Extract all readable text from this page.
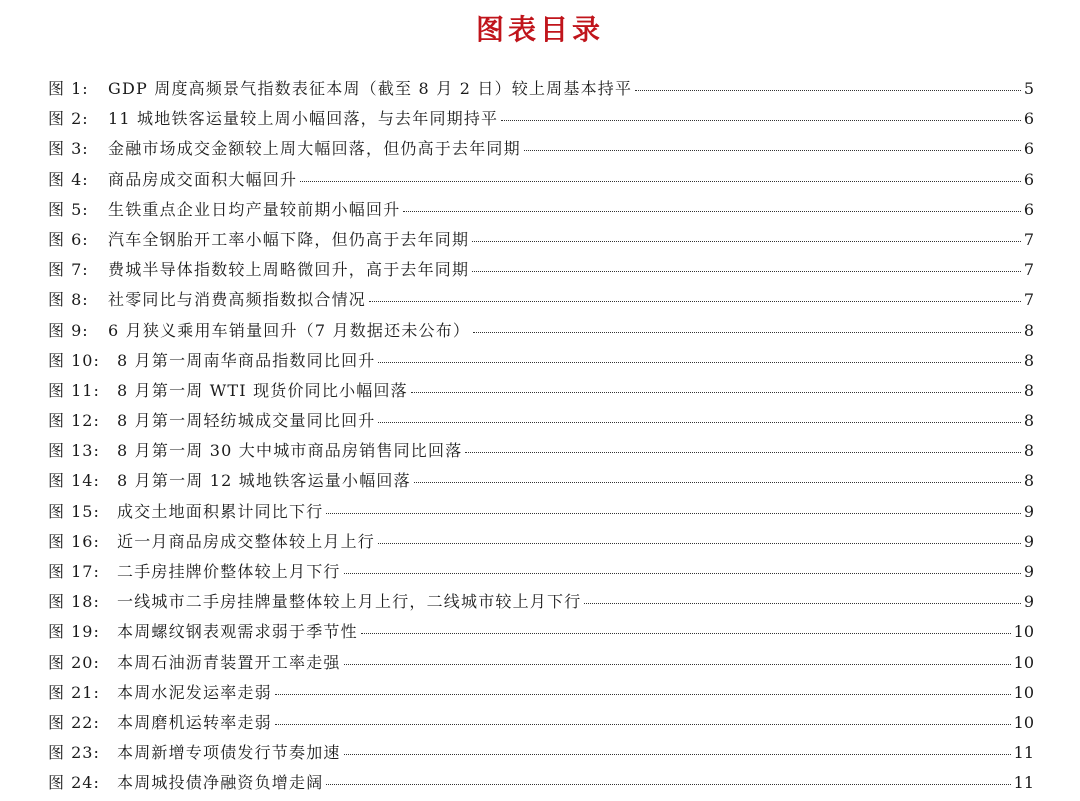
图表目录
图 1:	GDP 周度高频景气指数表征本周（截至 8 月 2 日）较上周基本持平	5
图 2:	11 城地铁客运量较上周小幅回落，与去年同期持平	6
图 3:	金融市场成交金额较上周大幅回落，但仍高于去年同期	6
图 4:	商品房成交面积大幅回升	6
图 5:	生铁重点企业日均产量较前期小幅回升	6
图 6:	汽车全钢胎开工率小幅下降，但仍高于去年同期	7
图 7:	费城半导体指数较上周略微回升，高于去年同期	7
图 8:	社零同比与消费高频指数拟合情况	7
图 9:	6 月狭义乘用车销量回升（7 月数据还未公布）	8
图 10:	8 月第一周南华商品指数同比回升	8
图 11:	8 月第一周 WTI 现货价同比小幅回落	8
图 12:	8 月第一周轻纺城成交量同比回升	8
图 13:	8 月第一周 30 大中城市商品房销售同比回落	8
图 14:	8 月第一周 12 城地铁客运量小幅回落	8
图 15:	成交土地面积累计同比下行	9
图 16:	近一月商品房成交整体较上月上行	9
图 17:	二手房挂牌价整体较上月下行	9
图 18:	一线城市二手房挂牌量整体较上月上行，二线城市较上月下行	9
图 19:	本周螺纹钢表观需求弱于季节性	10
图 20:	本周石油沥青装置开工率走强	10
图 21:	本周水泥发运率走弱	10
图 22:	本周磨机运转率走弱	10
图 23:	本周新增专项债发行节奏加速	11
图 24:	本周城投债净融资负增走阔	11
